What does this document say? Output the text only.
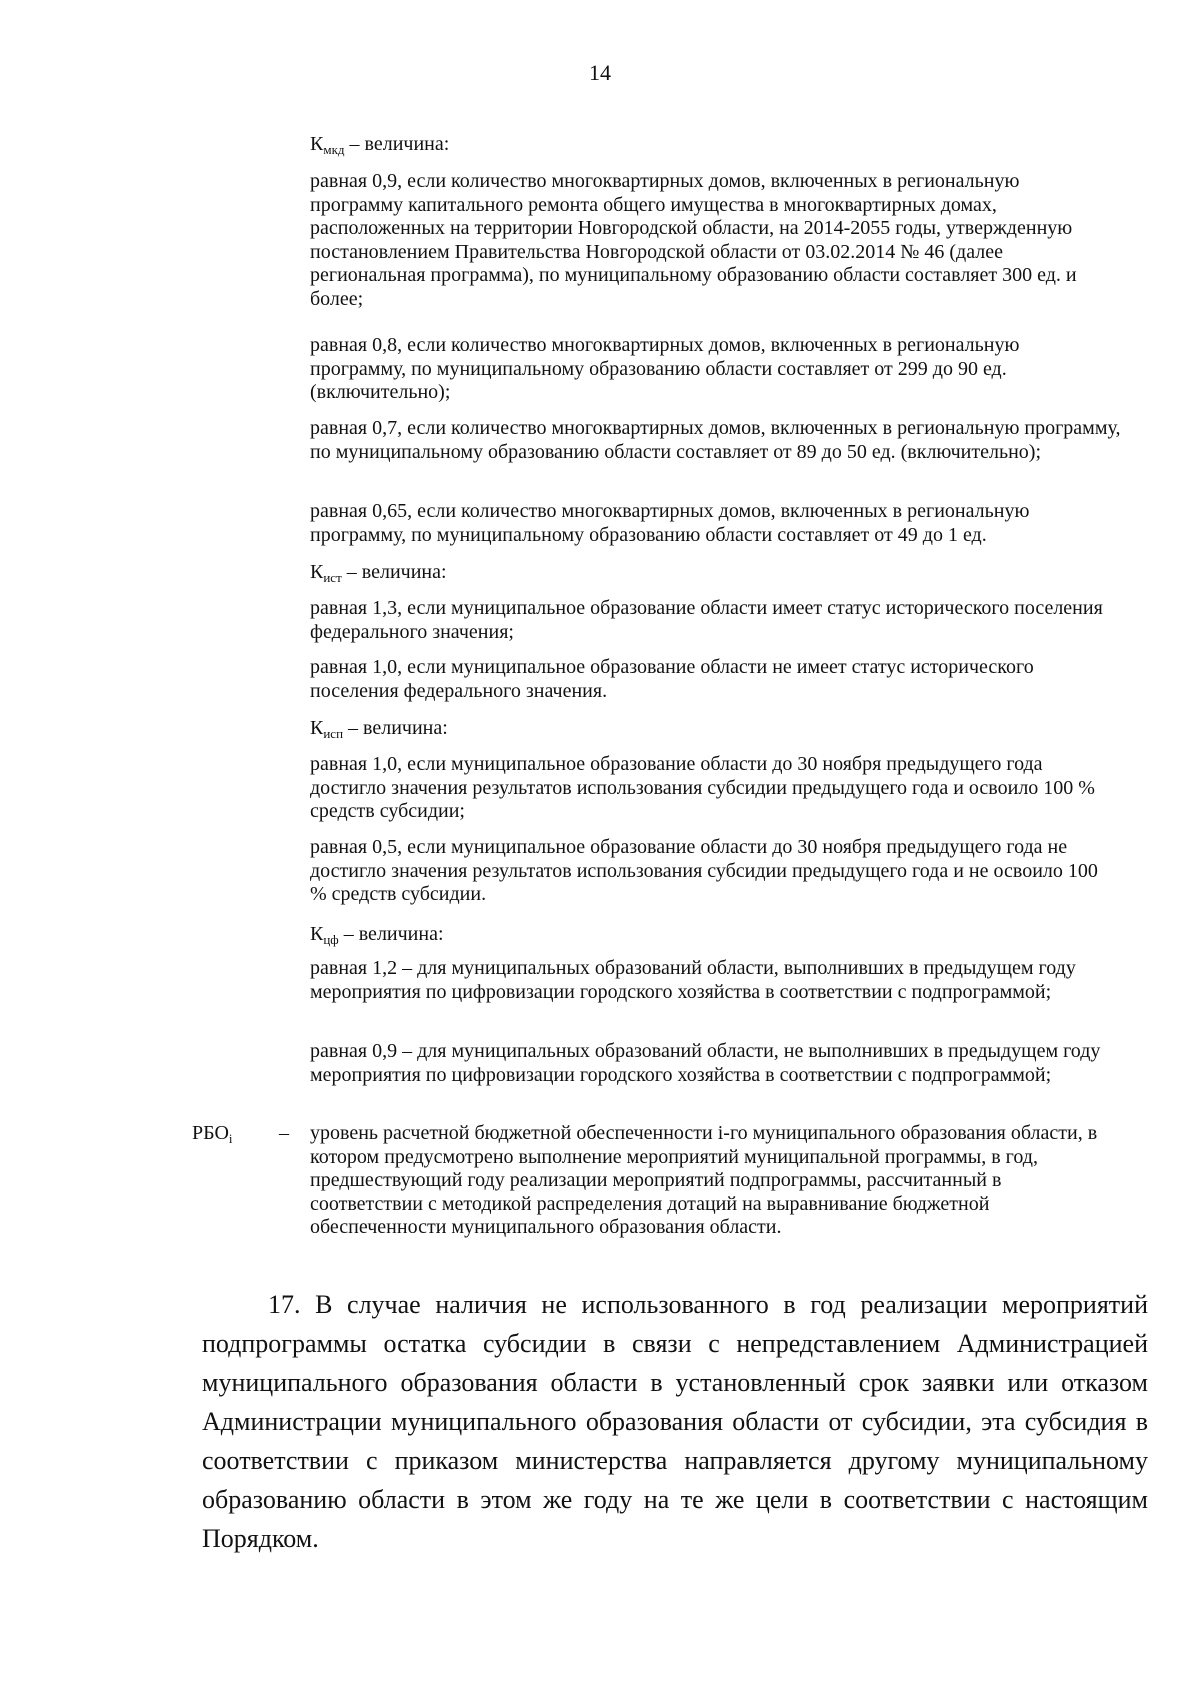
14
$К_{мкд}$ – величина:
равная 0,9, если количество многоквартирных домов, включенных в региональную программу капитального ремонта общего имущества в многоквартирных домах, расположенных на территории Новгородской области, на 2014-2055 годы, утвержденную постановлением Правительства Новгородской области от 03.02.2014 № 46 (далее региональная программа), по муниципальному образованию области составляет 300 ед. и более;
равная 0,8, если количество многоквартирных домов, включенных в региональную программу, по муниципальному образованию области составляет от 299 до 90 ед. (включительно);
равная 0,7, если количество многоквартирных домов, включенных в региональную программу, по муниципальному образованию области составляет от 89 до 50 ед. (включительно);
равная 0,65, если количество многоквартирных домов, включенных в региональную программу, по муниципальному образованию области составляет от 49 до 1 ед.
$К_{ист}$ – величина:
равная 1,3, если муниципальное образование области имеет статус исторического поселения федерального значения;
равная 1,0, если муниципальное образование области не имеет статус исторического поселения федерального значения.
$К_{исп}$ – величина:
равная 1,0, если муниципальное образование области до 30 ноября предыдущего года достигло значения результатов использования субсидии предыдущего года и освоило 100 % средств субсидии;
равная 0,5, если муниципальное образование области до 30 ноября предыдущего года не достигло значения результатов использования субсидии предыдущего года и не освоило 100 % средств субсидии.
$К_{цф}$ – величина:
равная 1,2 – для муниципальных образований области, выполнивших в предыдущем году мероприятия по цифровизации городского хозяйства в соответствии с подпрограммой;
равная 0,9 – для муниципальных образований области, не выполнивших в предыдущем году мероприятия по цифровизации городского хозяйства в соответствии с подпрограммой;
$РБО_i$ – уровень расчетной бюджетной обеспеченности i-го муниципального образования области, в котором предусмотрено выполнение мероприятий муниципальной программы, в год, предшествующий году реализации мероприятий подпрограммы, рассчитанный в соответствии с методикой распределения дотаций на выравнивание бюджетной обеспеченности муниципального образования области.
17. В случае наличия не использованного в год реализации мероприятий подпрограммы остатка субсидии в связи с непредставлением Администрацией муниципального образования области в установленный срок заявки или отказом Администрации муниципального образования области от субсидии, эта субсидия в соответствии с приказом министерства направляется другому муниципальному образованию области в этом же году на те же цели в соответствии с настоящим Порядком.
